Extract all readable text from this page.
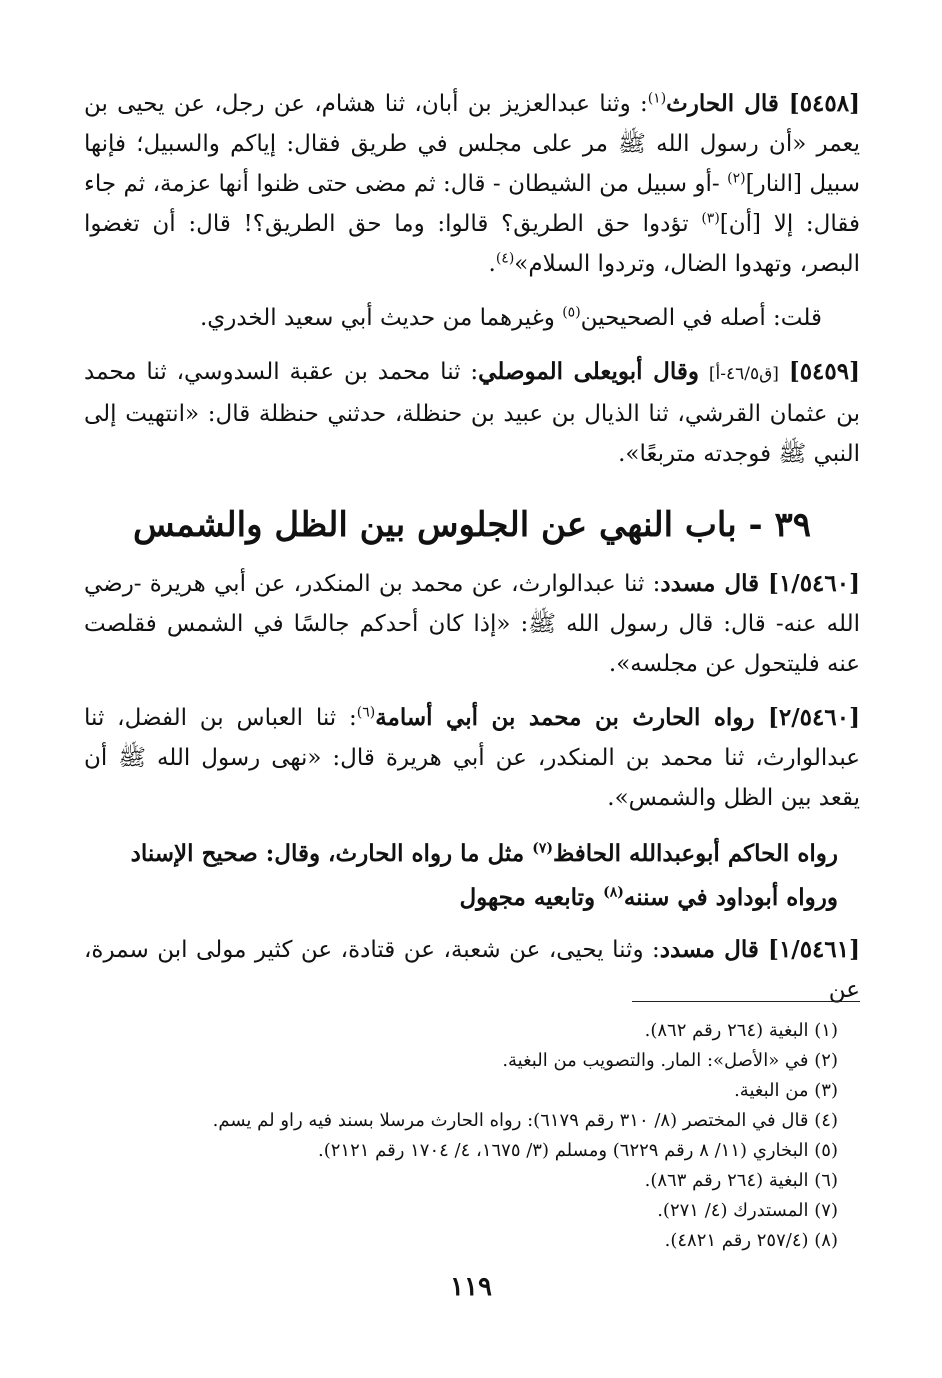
[٥٤٥٨] قال الحارث$^{(١)}$: وثنا عبدالعزيز بن أبان، ثنا هشام، عن رجل، عن يحيى بن يعمر «أن رسول الله ﷺ مر على مجلس في طريق فقال: إياكم والسبيل؛ فإنها سبيل [النار]$^{(٢)}$ -أو سبيل من الشيطان - قال: ثم مضى حتى ظنوا أنها عزمة، ثم جاء فقال: إلا [أن]$^{(٣)}$ تؤدوا حق الطريق؟ قالوا: وما حق الطريق؟! قال: أن تغضوا البصر، وتهدوا الضال، وتردوا السلام»$^{(٤)}$.

قلت: أصله في الصحيحين$^{(٥)}$ وغيرهما من حديث أبي سعيد الخدري.

[٥٤٥٩] [ق٤٦/٥-أ] وقال أبويعلى الموصلي: ثنا محمد بن عقبة السدوسي، ثنا محمد بن عثمان القرشي، ثنا الذيال بن عبيد بن حنظلة، حدثني حنظلة قال: «انتهيت إلى النبي ﷺ فوجدته متربعًا».

٣٩ - باب النهي عن الجلوس بين الظل والشمس

[١/٥٤٦٠] قال مسدد: ثنا عبدالوارث، عن محمد بن المنكدر، عن أبي هريرة -رضي الله عنه- قال: قال رسول الله ﷺ: «إذا كان أحدكم جالسًا في الشمس فقلصت عنه فليتحول عن مجلسه».

[٢/٥٤٦٠] رواه الحارث بن محمد بن أبي أسامة$^{(٦)}$: ثنا العباس بن الفضل، ثنا عبدالوارث، ثنا محمد بن المنكدر، عن أبي هريرة قال: «نهى رسول الله ﷺ أن يقعد بين الظل والشمس».

رواه الحاكم أبوعبدالله الحافظ$^{(٧)}$ مثل ما رواه الحارث، وقال: صحيح الإسناد
ورواه أبوداود في سننه$^{(٨)}$ وتابعيه مجهول

[١/٥٤٦١] قال مسدد: وثنا يحيى، عن شعبة، عن قتادة، عن كثير مولى ابن سمرة، عن

(١) البغية (٢٦٤ رقم ٨٦٢).
(٢) في «الأصل»: المار. والتصويب من البغية.
(٣) من البغية.
(٤) قال في المختصر (٨/ ٣١٠ رقم ٦١٧٩): رواه الحارث مرسلا بسند فيه راو لم يسم.
(٥) البخاري (١١/ ٨ رقم ٦٢٢٩) ومسلم (٣/ ١٦٧٥، ٤/ ١٧٠٤ رقم ٢١٢١).
(٦) البغية (٢٦٤ رقم ٨٦٣).
(٧) المستدرك (٤/ ٢٧١).
(٨) (٢٥٧/٤ رقم ٤٨٢١).
١١٩
